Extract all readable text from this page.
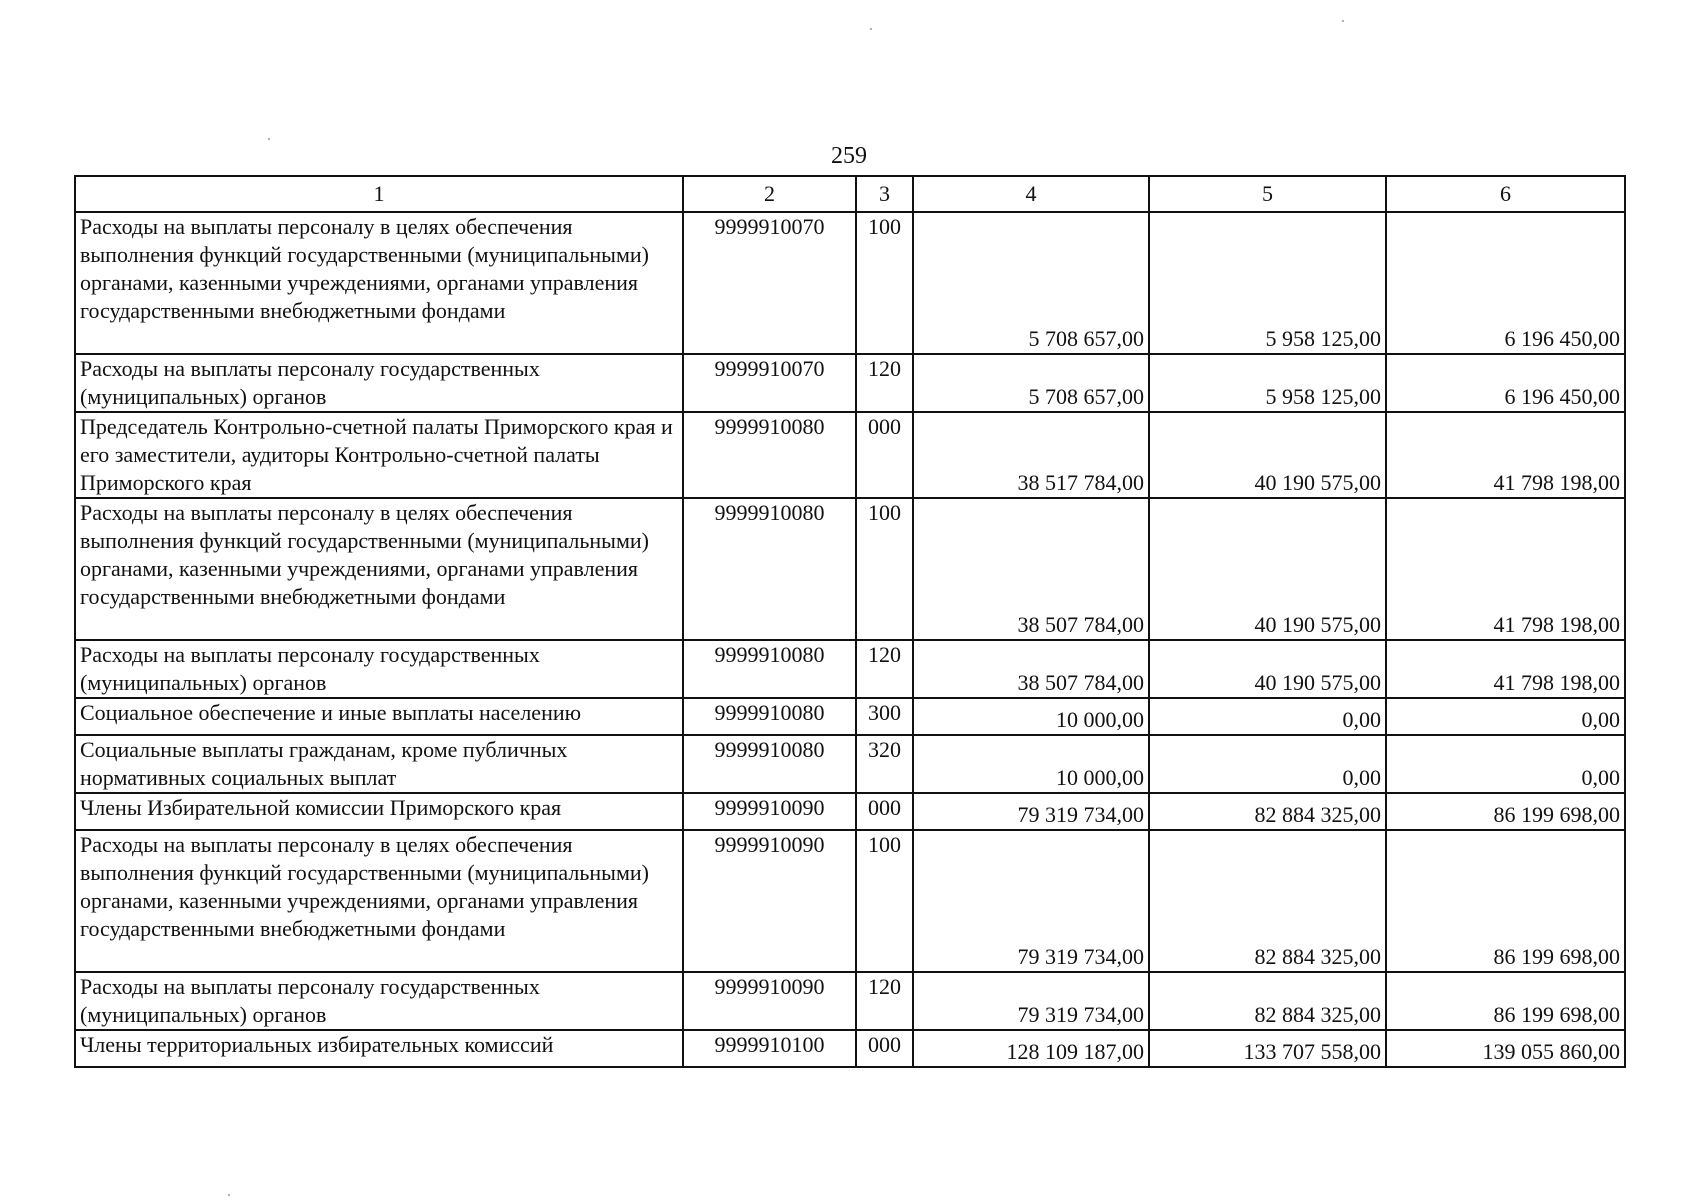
259
1	2	3	4	5	6
Расходы на выплаты персоналу в целях обеспечения выполнения функций государственными (муниципальными) органами, казенными учреждениями, органами управления государственными внебюджетными фондами	9999910070	100	5 708 657,00	5 958 125,00	6 196 450,00
Расходы на выплаты персоналу государственных (муниципальных) органов	9999910070	120	5 708 657,00	5 958 125,00	6 196 450,00
Председатель Контрольно-счетной палаты Приморского края и его заместители, аудиторы Контрольно-счетной палаты Приморского края	9999910080	000	38 517 784,00	40 190 575,00	41 798 198,00
Расходы на выплаты персоналу в целях обеспечения выполнения функций государственными (муниципальными) органами, казенными учреждениями, органами управления государственными внебюджетными фондами	9999910080	100	38 507 784,00	40 190 575,00	41 798 198,00
Расходы на выплаты персоналу государственных (муниципальных) органов	9999910080	120	38 507 784,00	40 190 575,00	41 798 198,00
Социальное обеспечение и иные выплаты населению	9999910080	300	10 000,00	0,00	0,00
Социальные выплаты гражданам, кроме публичных нормативных социальных выплат	9999910080	320	10 000,00	0,00	0,00
Члены Избирательной комиссии Приморского края	9999910090	000	79 319 734,00	82 884 325,00	86 199 698,00
Расходы на выплаты персоналу в целях обеспечения выполнения функций государственными (муниципальными) органами, казенными учреждениями, органами управления государственными внебюджетными фондами	9999910090	100	79 319 734,00	82 884 325,00	86 199 698,00
Расходы на выплаты персоналу государственных (муниципальных) органов	9999910090	120	79 319 734,00	82 884 325,00	86 199 698,00
Члены территориальных избирательных комиссий	9999910100	000	128 109 187,00	133 707 558,00	139 055 860,00
